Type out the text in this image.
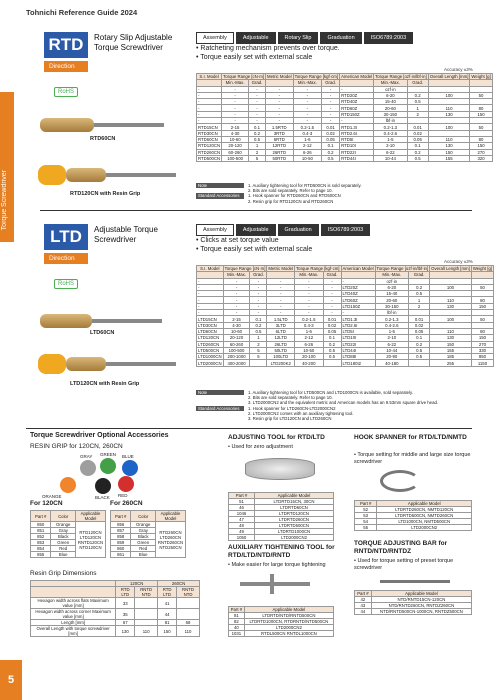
Torque Screwdriver
5
Tohnichi Reference Guide 2024
RTD	Rotary Slip Adjustable Torque Screwdriver
Direction
RoHS
RTD60CN
RTD120CN with Resin Grip
Assembly	Adjustable	Rotary Slip	Graduation	ISO6789:2003
• Ratcheting mechanism prevents over torque.
• Torque easily set with external scale
Accuracy ±3%
S.I. Model	Torque Range [cN·m]		Metric Model	Torque Range [kgf·cm]		American Model	Torque Range [ozf·in/lbf·in]		Overall Length [mm]	Weight [g]
	Min.-Max.	Grad.		Min.-Max.	Grad.		Min.-Max.	Grad.		
-	-	-	-	-	-	-	ozf·in			
-	-	-	-	-	-	RTD20Z	6-20	0.2	100	50
-	-	-	-	-	-	RTD40Z	15-40	0.5		
-	-	-	-	-	-	RTD60Z	20-60	1	110	80
-	-	-	-	-	-	RTD150Z	30-150	2	130	150
-	-	-	-	-	-	-	lbf·in			
RTD15CN	2-15	0.1	1.5RTD	0.2-1.5	0.01	RTD1.3I	0.2-1.3	0.01	100	50
RTD30CN	4-30	0.2	3RTD	0.4-3	0.02	RTD2.6I	0.4-2.6	0.02		
RTD60CN	10-60	0.5	6RTD	1-6	0.05	RTD5I	1-5	0.05	110	80
RTD120CN	20-120	1	12RTD	2-12	0.1	RTD10I	2-10	0.1	130	150
RTD260CN	60-260	2	26RTD	6-26	0.2	RTD22I	6-22	0.2	150	270
RTD500CN	100-500	5	50RTD	10-50	0.5	RTD44I	10-44	0.5	155	320
Note	1. Auxiliary tightening tool for RTD500CN is sold separately.
2. Bits are sold separately. Refer to page 10.
Standard Accessories	1. Hook spanner for RTD260CN and RTD500CN
2. Resin grip for RTD120CN and RTD260CN
LTD	Adjustable Torque Screwdriver
Direction
RoHS
LTD60CN
LTD120CN with Resin Grip
Assembly	Adjustable	Graduation	ISO6789:2003
• Clicks at set torque value
• Torque easily set with external scale
Accuracy ±3%
S.I. Model	Torque Range [cN·m]		Metric Model	Torque Range [kgf·cm]		American Model	Torque Range [ozf·in/lbf·in]		Overall Length [mm]	Weight [g]
	Min.-Max.	Grad.		Min.-Max.	Grad.		Min.-Max.	Grad.		
-	-	-	-	-	-	-	ozf·in			
-	-	-	-	-	-	LTD20Z	6-20	0.2	100	50
-	-	-	-	-	-	LTD40Z	15-40	0.5		
-	-	-	-	-	-	LTD60Z	20-60	1	110	80
-	-	-	-	-	-	LTD150Z	30-150	2	130	150
-	-	-	-	-	-	-	lbf·in			
LTD15CN	2-15	0.1	1.5LTD	0.2-1.5	0.01	LTD1.3I	0.2-1.3	0.01	100	50
LTD30CN	4-30	0.2	3LTD	0.4-3	0.02	LTD2.6I	0.4-2.6	0.02		
LTD60CN	10-60	0.5	6LTD	1-6	0.05	LTD5I	1-5	0.05	110	80
LTD120CN	20-120	1	12LTD	2-12	0.1	LTD10I	2-10	0.1	130	150
LTD260CN	60-260	2	26LTD	6-26	0.2	LTD22I	6-22	0.2	150	270
LTD500CN	100-500	5	50LTD	10-50	0.5	LTD44I	10-44	0.5	155	330
LTD1000CN	200-1000	5	100LTD	20-100	0.5	LTD88I	20-90	0.5	185	850
LTD2000CN	400-2000		LTD200K2	40-200		LTD180I2	40-180		255	1150
Note	1. Auxiliary tightening tool for LTD500CN and LTD1000CN is available, sold separately.
2. Bits are sold separately. Refer to page 10.
3. LTD2000CN2 and the equivalent metric and American models has an 9.53mm square drive head.
Standard Accessories	1. Hook spanner for LTD260CN-LTD2000CN2
2. LTD2000CN2 comes with an auxiliary tightening tool.
3. Resin grip for LTD120CN and LTD260CN
Torque Screwdriver Optional Accessories
RESIN GRIP for 120CN, 260CN
GRAY GREEN BLUE
ORANGE	BLACK RED
For 120CN	For 260CN
Part #	Color	Applicable Model
850	Orange	RTD120CN LTD120CN RNTD120CN NTD120CN
851	Gray	
852	Black	
853	Green	
854	Red	
855	Blue	
Part #	Color	Applicable Model
856	Orange	RTD260CN LTD260CN RNTD260CN NTD260CN
857	Gray	
858	Black	
859	Green	
860	Red	
861	Blue	
Resin Grip Dimensions
	120CN		260CN	
	RTD LTD	RNTD NTD	RTD LTD	RNTD NTD
Hexagon width across flats Maximum value [mm]	33		41	
Hexagon width across corner Maximum value [mm]	35		44	
Length [mm]	67		81	68
Overall Length with torque screwdriver [mm]	130	110	150	110
ADJUSTING TOOL for RTD/LTD
• Used for zero adjustment
Part #	Applicable Model
51	LTDRTD15CN, 30CN
46	LTDRTD60CN
1046	LTDRTD120CN
47	LTDRTD260CN
48	LTDRTD500CN
49	LTDRTD1000CN
1050	LTD2000CN2
AUXILIARY TIGHTENING TOOL for RTD/LTD/NTD/RNTD
• Make easier for large torque tightening
Part #	Applicable Model
81	LTDRTD/NTD/RNTD500CN
82	LTDRTD1000CN, RTDRNTD/NTD500CN
40	LTD2000CN2
1031	RTDL500CN RNTDL1000CN
HOOK SPANNER for RTD/LTD/NMTD
• Torque setting for middle and large size torque screwdriver
Part #	Applicable Model
52	LTDRTD260CN, NMTD120CN
53	LTDRTD500CN, NMTD260CN
54	LTD1000CN, NMTD500CN
55	LTD2000CN2
TORQUE ADJUSTING BAR for RNTD/NTD/RNTDZ
• Used for torque setting of preset torque screwdriver
Part #	Applicable Model
42	NTD/RNTD15CN-120CN
43	NTD/RNTD260CN, RNTDZ260CN
44	NTD/RNTD500CN-1000CN, RNTDZ500CN
